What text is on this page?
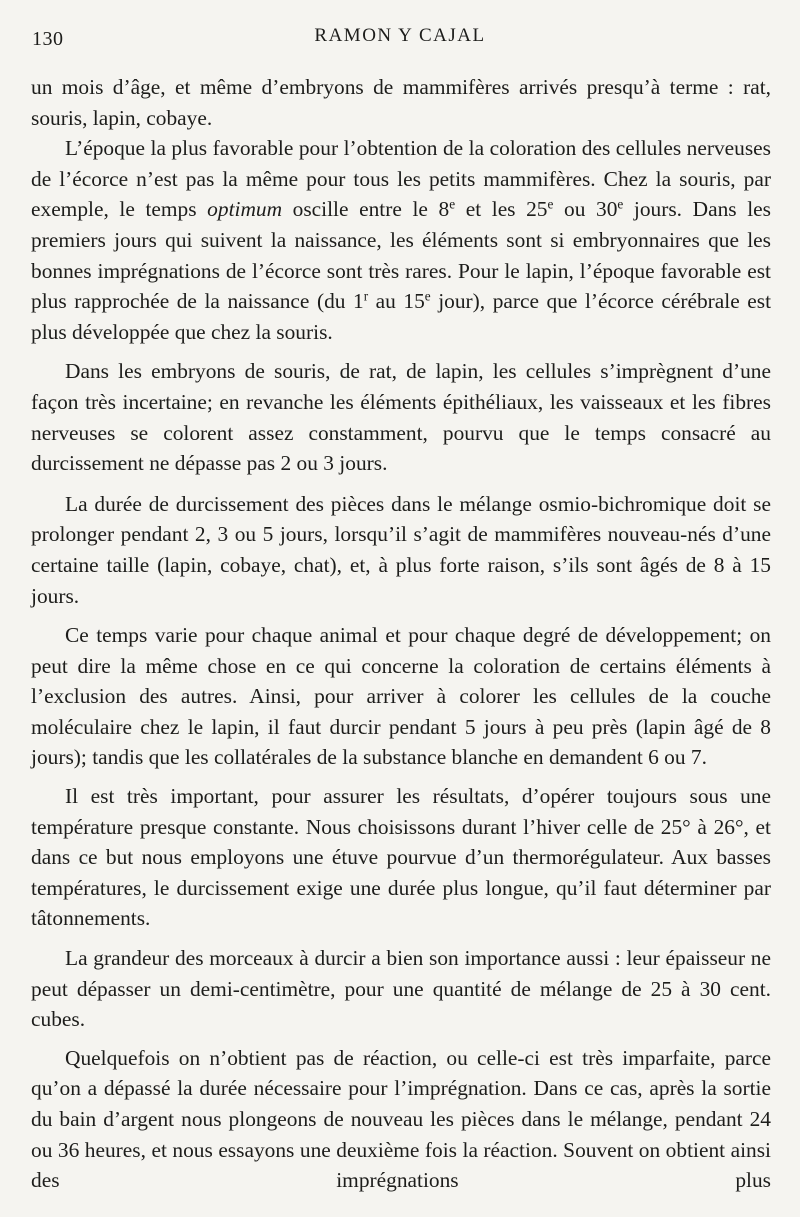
130	RAMON Y CAJAL

un mois d’âge, et même d’embryons de mammifères arrivés presqu’à terme : rat, souris, lapin, cobaye.

L’époque la plus favorable pour l’obtention de la coloration des cellules nerveuses de l’écorce n’est pas la même pour tous les petits mammifères. Chez la souris, par exemple, le temps optimum oscille entre le 8e et les 25e ou 30e jours. Dans les premiers jours qui suivent la naissance, les éléments sont si embryonnaires que les bonnes imprégnations de l’écorce sont très rares. Pour le lapin, l’époque favorable est plus rapprochée de la naissance (du 1$^r$ au 15e jour), parce que l’écorce cérébrale est plus développée que chez la souris.

Dans les embryons de souris, de rat, de lapin, les cellules s’imprègnent d’une façon très incertaine; en revanche les éléments épithéliaux, les vaisseaux et les fibres nerveuses se colorent assez constamment, pourvu que le temps consacré au durcissement ne dépasse pas 2 ou 3 jours.

La durée de durcissement des pièces dans le mélange osmio-bichromique doit se prolonger pendant 2, 3 ou 5 jours, lorsqu’il s’agit de mammifères nouveau-nés d’une certaine taille (lapin, cobaye, chat), et, à plus forte raison, s’ils sont âgés de 8 à 15 jours.

Ce temps varie pour chaque animal et pour chaque degré de développement; on peut dire la même chose en ce qui concerne la coloration de certains éléments à l’exclusion des autres. Ainsi, pour arriver à colorer les cellules de la couche moléculaire chez le lapin, il faut durcir pendant 5 jours à peu près (lapin âgé de 8 jours); tandis que les collatérales de la substance blanche en demandent 6 ou 7.

Il est très important, pour assurer les résultats, d’opérer toujours sous une température presque constante. Nous choisissons durant l’hiver celle de 25° à 26°, et dans ce but nous employons une étuve pourvue d’un thermorégulateur. Aux basses températures, le durcissement exige une durée plus longue, qu’il faut déterminer par tâtonnements.

La grandeur des morceaux à durcir a bien son importance aussi : leur épaisseur ne peut dépasser un demi-centimètre, pour une quantité de mélange de 25 à 30 cent. cubes.

Quelquefois on n’obtient pas de réaction, ou celle-ci est très imparfaite, parce qu’on a dépassé la durée nécessaire pour l’imprégnation. Dans ce cas, après la sortie du bain d’argent nous plongeons de nouveau les pièces dans le mélange, pendant 24 ou 36 heures, et nous essayons une deuxième fois la réaction. Souvent on obtient ainsi des imprégnations plus
